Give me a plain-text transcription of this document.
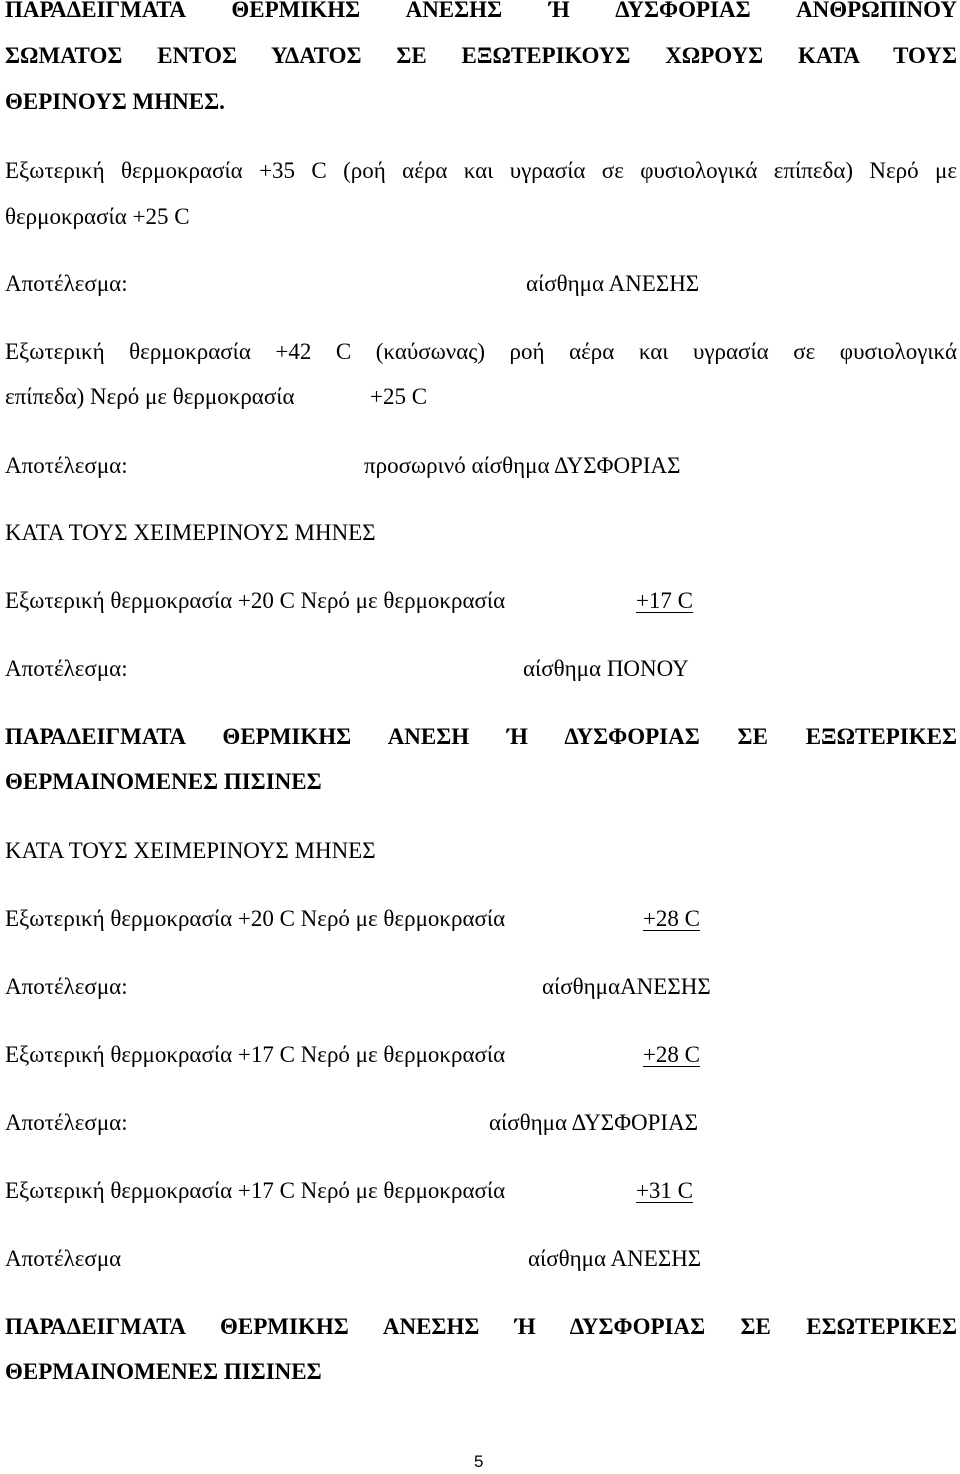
ΠΑΡΑΔΕΙΓΜΑΤΑ ΘΕΡΜΙΚΗΣ ΑΝΕΣΗΣ Ή ΔΥΣΦΟΡΙΑΣ ΑΝΘΡΩΠΙΝΟΥ
ΣΩΜΑΤΟΣ ΕΝΤΟΣ ΥΔΑΤΟΣ ΣΕ ΕΞΩΤΕΡΙΚΟΥΣ ΧΩΡΟΥΣ ΚΑΤΑ ΤΟΥΣ
ΘΕΡΙΝΟΥΣ ΜΗΝΕΣ.
Εξωτερική θερμοκρασία +35 C (ροή αέρα και υγρασία σε φυσιολογικά επίπεδα) Νερό με
θερμοκρασία +25 C
Αποτέλεσμα:	αίσθημα ΑΝΕΣΗΣ
Εξωτερική θερμοκρασία +42 C (καύσωνας) ροή αέρα και υγρασία σε φυσιολογικά
επίπεδα) Νερό με θερμοκρασία	+25 C
Αποτέλεσμα:	προσωρινό αίσθημα ΔΥΣΦΟΡΙΑΣ
ΚΑΤΑ ΤΟΥΣ ΧΕΙΜΕΡΙΝΟΥΣ ΜΗΝΕΣ
Εξωτερική θερμοκρασία +20 C Νερό με θερμοκρασία	+17 C
Αποτέλεσμα:	αίσθημα ΠΟΝΟΥ
ΠΑΡΑΔΕΙΓΜΑΤΑ ΘΕΡΜΙΚΗΣ ΑΝΕΣΗ Ή ΔΥΣΦΟΡΙΑΣ ΣΕ ΕΞΩΤΕΡΙΚΕΣ
ΘΕΡΜΑΙΝΟΜΕΝΕΣ ΠΙΣΙΝΕΣ
ΚΑΤΑ ΤΟΥΣ ΧΕΙΜΕΡΙΝΟΥΣ ΜΗΝΕΣ
Εξωτερική θερμοκρασία +20 C Νερό με θερμοκρασία	+28 C
Αποτέλεσμα:	αίσθημαΑΝΕΣΗΣ
Εξωτερική θερμοκρασία +17 C Νερό με θερμοκρασία	+28 C
Αποτέλεσμα:	αίσθημα ΔΥΣΦΟΡΙΑΣ
Εξωτερική θερμοκρασία +17 C Νερό με θερμοκρασία	+31 C
Αποτέλεσμα	αίσθημα ΑΝΕΣΗΣ
ΠΑΡΑΔΕΙΓΜΑΤΑ ΘΕΡΜΙΚΗΣ ΑΝΕΣΗΣ Ή ΔΥΣΦΟΡΙΑΣ ΣΕ ΕΣΩΤΕΡΙΚΕΣ
ΘΕΡΜΑΙΝΟΜΕΝΕΣ ΠΙΣΙΝΕΣ
5
